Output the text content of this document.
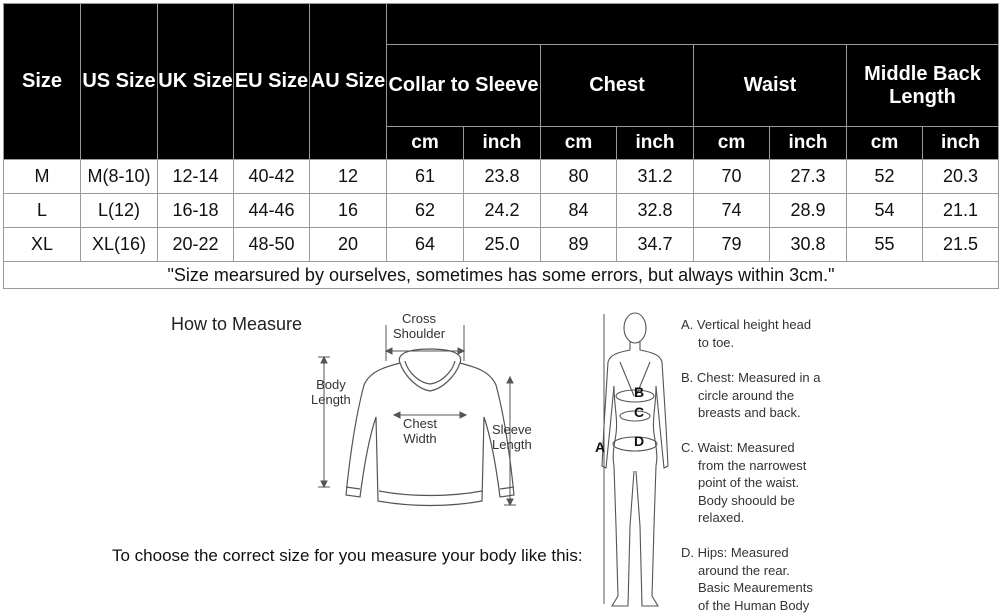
Size	US Size	UK Size	EU Size	AU Size								
					Collar to Sleeve		Chest		Waist		Middle Back Length	
					cm	inch	cm	inch	cm	inch	cm	inch
M	M(8-10)	12-14	40-42	12	61	23.8	80	31.2	70	27.3	52	20.3
L	L(12)	16-18	44-46	16	62	24.2	84	32.8	74	28.9	54	21.1
XL	XL(16)	20-22	48-50	20	64	25.0	89	34.7	79	30.8	55	21.5
"Size mearsured by ourselves, sometimes has some errors, but always within 3cm."												
How to Measure	Cross
Shoulder
Body
Length
Chest
Width
Sleeve
Length
To choose the correct size for you measure your body like this:
A
B
C
D
A. Vertical height head
to toe.
B. Chest: Measured in a
circle around the
breasts and back.
C. Waist: Measured
from the narrowest
point of the waist.
Body shoould be
relaxed.
D. Hips: Measured
around the rear.
Basic Meaurements
of the Human Body
